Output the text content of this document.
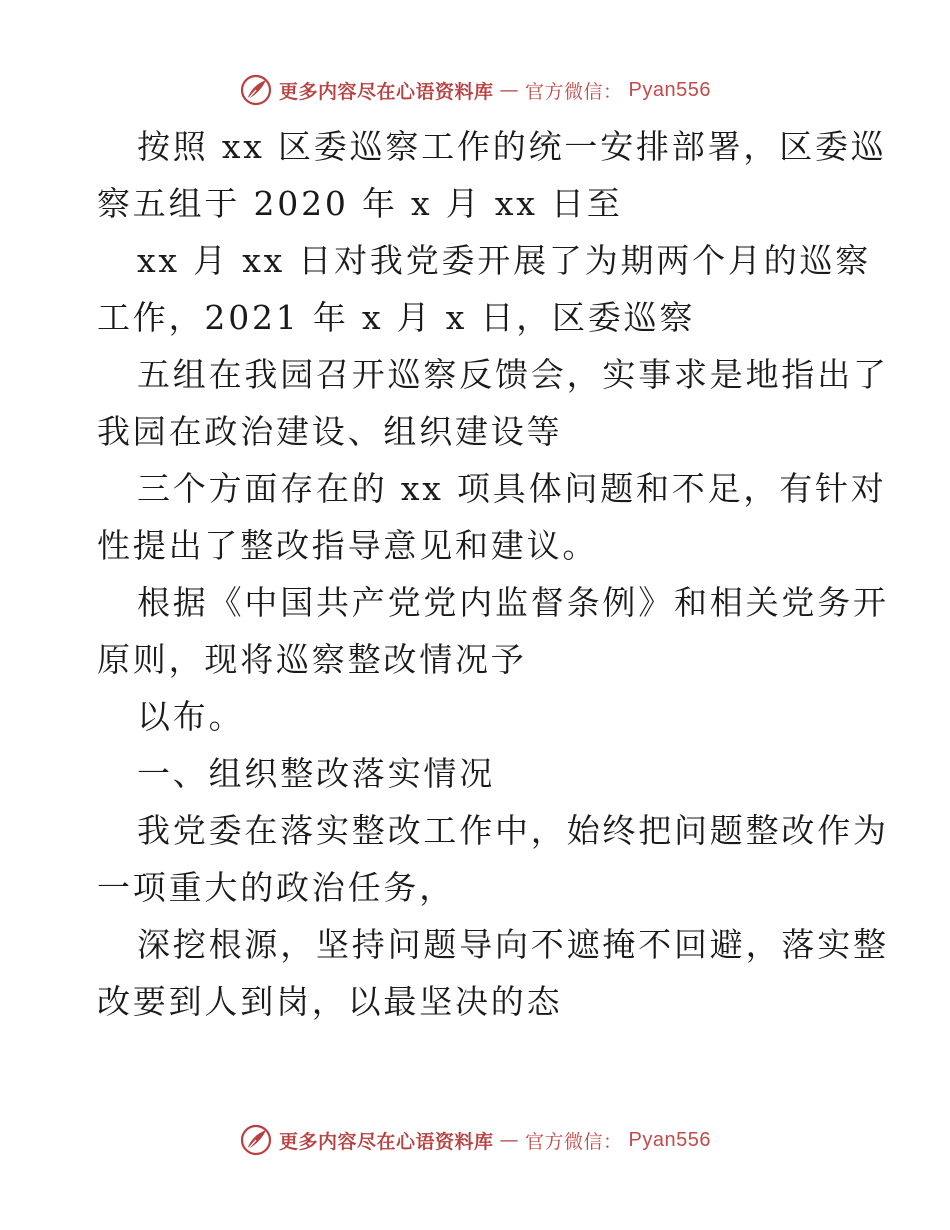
更多内容尽在心语资料库 — 官方微信： Pyan556
按照 xx 区委巡察工作的统一安排部署，区委巡
察五组于 2020 年 x 月 xx 日至
xx 月 xx 日对我党委开展了为期两个月的巡察
工作，2021 年 x 月 x 日，区委巡察
五组在我园召开巡察反馈会，实事求是地指出了
我园在政治建设、组织建设等
三个方面存在的 xx 项具体问题和不足，有针对
性提出了整改指导意见和建议。
根据《中国共产党党内监督条例》和相关党务开
原则，现将巡察整改情况予
以布。
一、组织整改落实情况
我党委在落实整改工作中，始终把问题整改作为
一项重大的政治任务，
深挖根源，坚持问题导向不遮掩不回避，落实整
改要到人到岗，以最坚决的态
更多内容尽在心语资料库 — 官方微信： Pyan556
